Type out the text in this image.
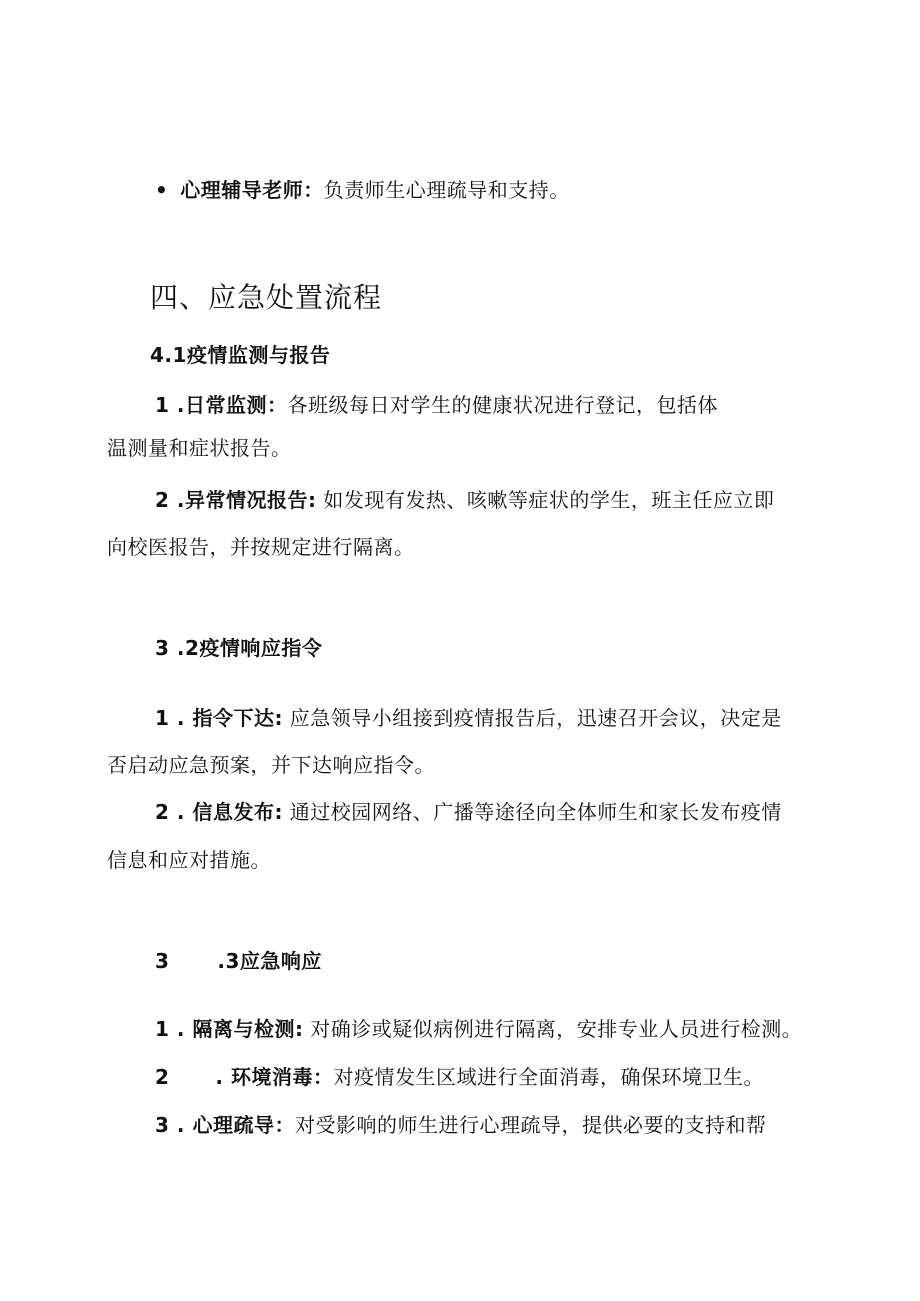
• 心理辅导老师：负责师生心理疏导和支持。
四、应急处置流程
4.1疫情监测与报告
1 .日常监测：各班级每日对学生的健康状况进行登记，包括体
温测量和症状报告。
2 .异常情况报告: 如发现有发热、咳嗽等症状的学生，班主任应立即
向校医报告，并按规定进行隔离。
3 .2疫情响应指令
1 . 指令下达: 应急领导小组接到疫情报告后，迅速召开会议，决定是
否启动应急预案，并下达响应指令。
2 . 信息发布: 通过校园网络、广播等途径向全体师生和家长发布疫情
信息和应对措施。
3 .3应急响应
1 . 隔离与检测: 对确诊或疑似病例进行隔离，安排专业人员进行检测。
2 . 环境消毒：对疫情发生区域进行全面消毒，确保环境卫生。
3 . 心理疏导：对受影响的师生进行心理疏导，提供必要的支持和帮
